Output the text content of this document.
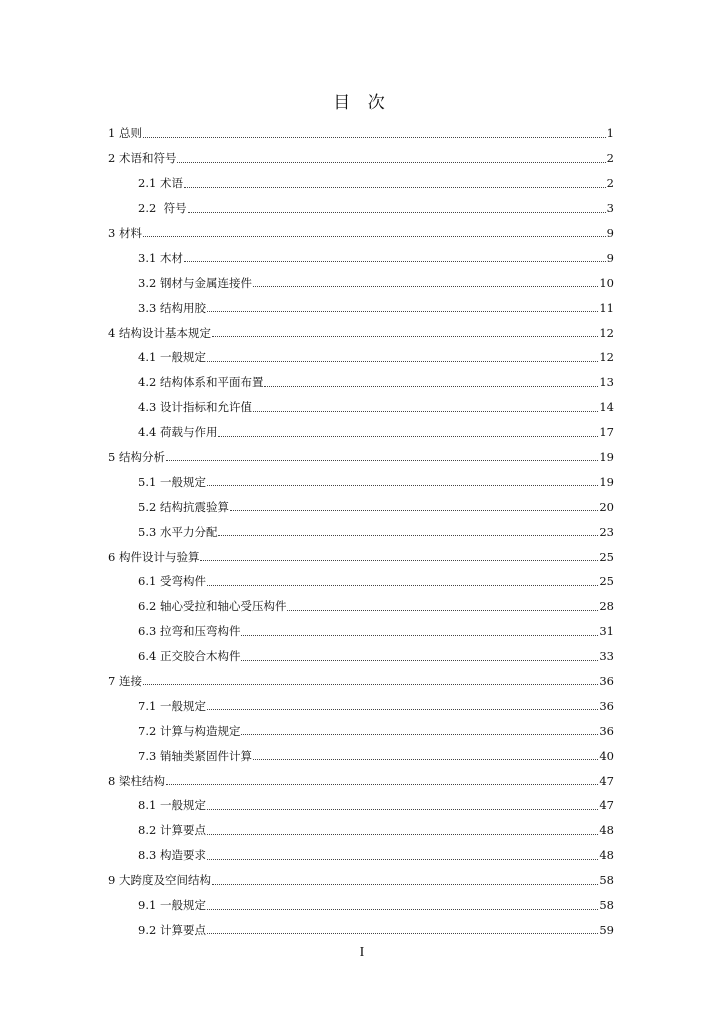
目 次
1 总则	1
2 术语和符号	2
2.1 术语	2
2.2  符号	3
3 材料	9
3.1 木材	9
3.2 钢材与金属连接件	10
3.3 结构用胶	11
4 结构设计基本规定	12
4.1 一般规定	12
4.2 结构体系和平面布置	13
4.3 设计指标和允许值	14
4.4 荷载与作用	17
5 结构分析	19
5.1 一般规定	19
5.2 结构抗震验算	20
5.3 水平力分配	23
6 构件设计与验算	25
6.1 受弯构件	25
6.2 轴心受拉和轴心受压构件	28
6.3 拉弯和压弯构件	31
6.4 正交胶合木构件	33
7 连接	36
7.1 一般规定	36
7.2 计算与构造规定	36
7.3 销轴类紧固件计算	40
8 梁柱结构	47
8.1 一般规定	47
8.2 计算要点	48
8.3 构造要求	48
9 大跨度及空间结构	58
9.1 一般规定	58
9.2 计算要点	59
I
